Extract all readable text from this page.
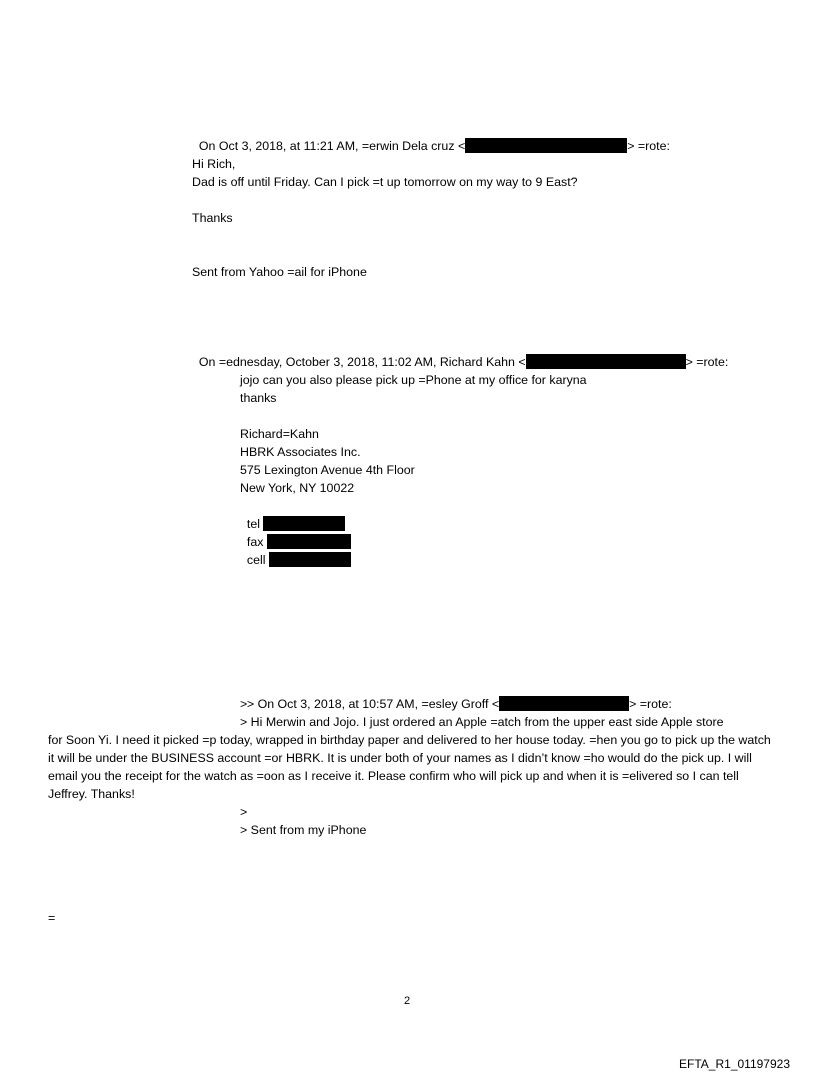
On Oct 3, 2018, at 11:21 AM, =erwin Dela cruz <	> =rote:

Hi Rich,
Dad is off until Friday. Can I pick =t up tomorrow on my way to 9 East?
Thanks
Sent from Yahoo =ail for iPhone

On =ednesday, October 3, 2018, 11:02 AM, Richard Kahn <	> =rote:

jojo can you also please pick up =Phone at my office for karyna
thanks
Richard=Kahn
HBRK Associates Inc.
575 Lexington Avenue 4th Floor
New York, NY 10022

tel

fax

cell

> On Oct 3, 2018, at 10:57 AM, =esley Groff <	> =rote:

>
> Hi Merwin and Jojo. I just ordered an Apple =atch from the upper east side Apple store
for Soon Yi. I need it picked =p today, wrapped in birthday paper and delivered to her house today. =hen you go to pick up the watch it will be under the BUSINESS account =or HBRK. It is under both of your names as I didn’t know =ho would do the pick up. I will email you the receipt for the watch as =oon as I receive it. Please confirm who will pick up and when it is =elivered so I can tell Jeffrey. Thanks!
>
> Sent from my iPhone
=
2
EFTA_R1_01197923
